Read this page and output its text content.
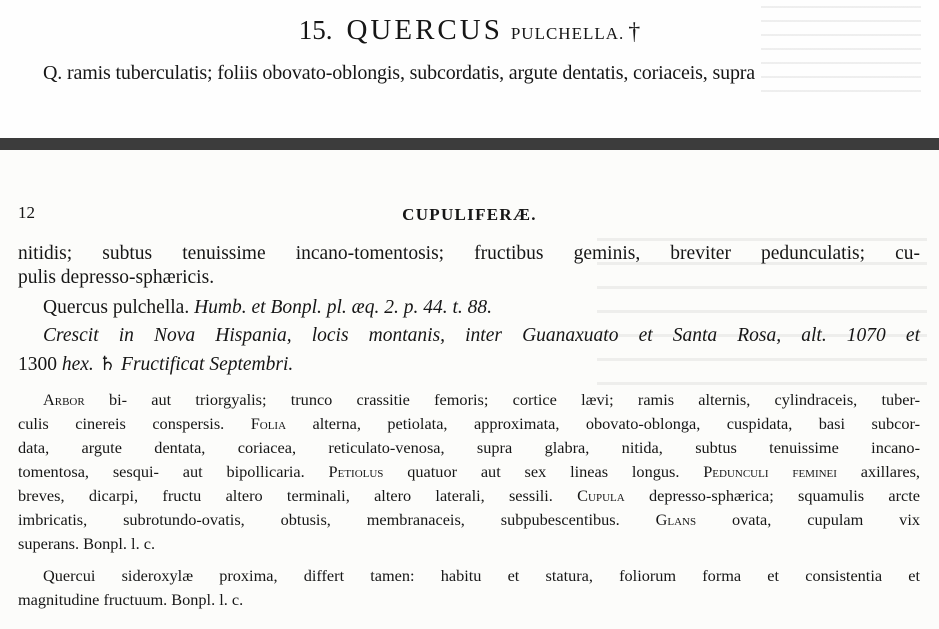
15. QUERCUS PULCHELLA. †
Q. ramis tuberculatis; foliis obovato-oblongis, subcordatis, argute dentatis, coriaceis, supra
12	CUPULIFERÆ.
nitidis; subtus tenuissime incano-tomentosis; fructibus geminis, breviter pedunculatis; cu-
pulis depresso-sphæricis.
Quercus pulchella. Humb. et Bonpl. pl. æq. 2. p. 44. t. 88.
Crescit in Nova Hispania, locis montanis, inter Guanaxuato et Santa Rosa, alt. 1070 et
1300 hex. ♄ Fructificat Septembri.
Arbor bi- aut triorgyalis; trunco crassitie femoris; cortice lævi; ramis alternis, cylindraceis, tuber-
culis cinereis conspersis. Folia alterna, petiolata, approximata, obovato-oblonga, cuspidata, basi subcor-
data, argute dentata, coriacea, reticulato-venosa, supra glabra, nitida, subtus tenuissime incano-
tomentosa, sesqui- aut bipollicaria. Petiolus quatuor aut sex lineas longus. Pedunculi feminei axillares,
breves, dicarpi, fructu altero terminali, altero laterali, sessili. Cupula depresso-sphærica; squamulis arcte
imbricatis, subrotundo-ovatis, obtusis, membranaceis, subpubescentibus. Glans ovata, cupulam vix
superans. Bonpl. l. c.
Quercui sideroxylæ proxima, differt tamen: habitu et statura, foliorum forma et consistentia et
magnitudine fructuum. Bonpl. l. c.
